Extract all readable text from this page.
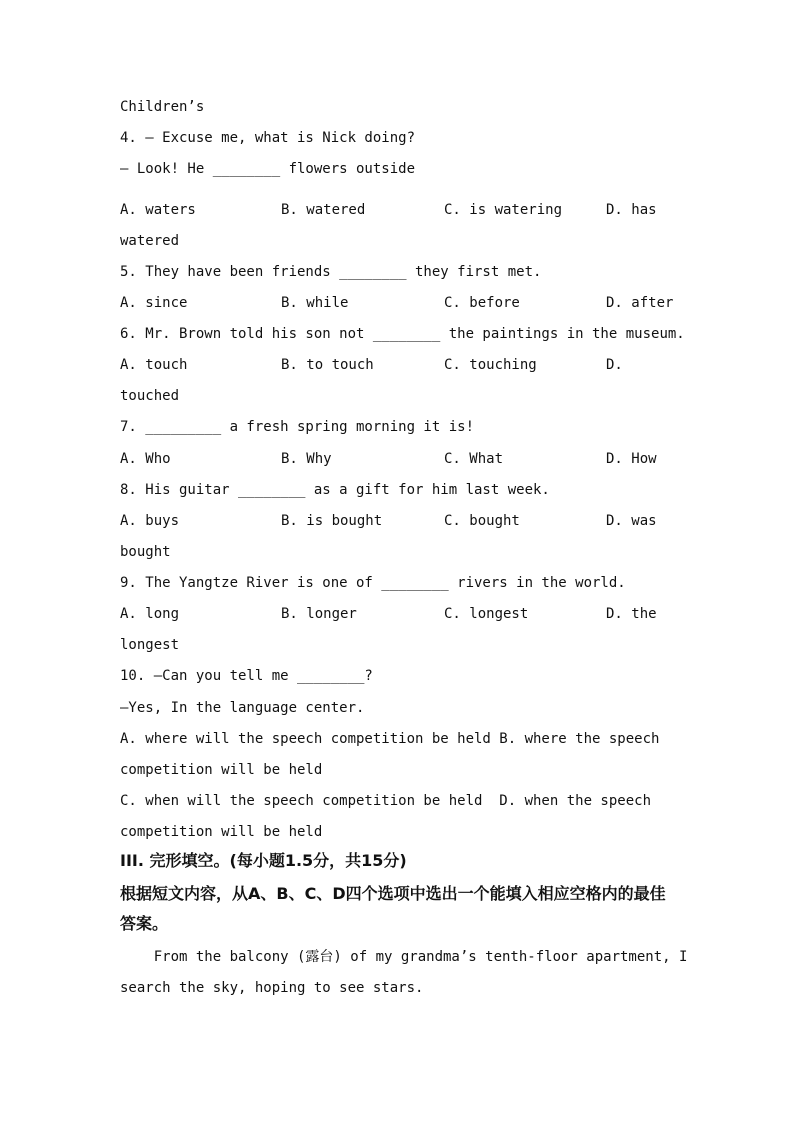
Children’s
4. — Excuse me, what is Nick doing?
— Look! He ________ flowers outside
A. waters	B. watered	C. is watering	D. has
watered
5. They have been friends ________ they first met.
A. since	B. while	C. before	D. after
6. Mr. Brown told his son not ________ the paintings in the museum.
A. touch	B. to touch	C. touching	D.
touched
7. _________ a fresh spring morning it is!
A. Who	B. Why	C. What	D. How
8. His guitar ________ as a gift for him last week.
A. buys	B. is bought	C. bought	D. was
bought
9. The Yangtze River is one of ________ rivers in the world.
A. long	B. longer	C. longest	D. the
longest
10. —Can you tell me ________?
—Yes, In the language center.
A. where will the speech competition be held B. where the speech
competition will be held
C. when will the speech competition be held  D. when the speech
competition will be held
III. 完形填空。(每小题1.5分，共15分)
根据短文内容，从A、B、C、D四个选项中选出一个能填入相应空格内的最佳
答案。
From the balcony (露台) of my grandma’s tenth-floor apartment, I
search the sky, hoping to see stars.
